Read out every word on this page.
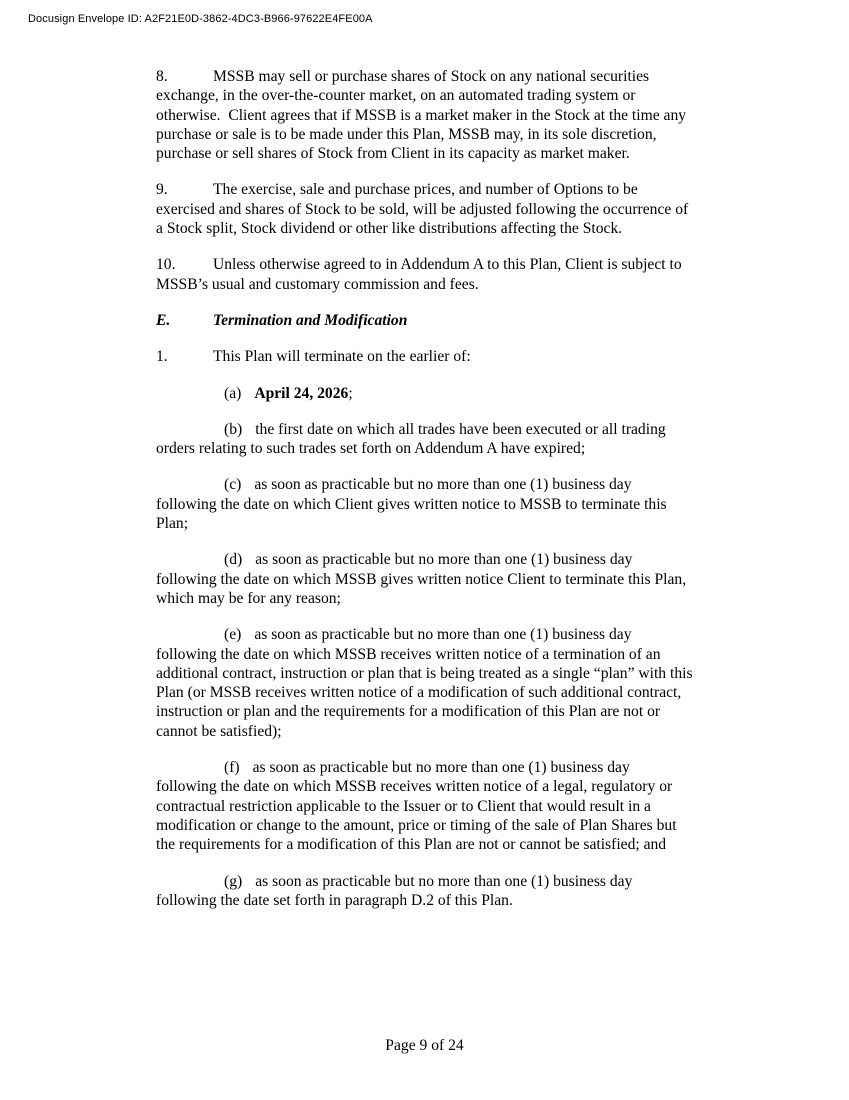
Docusign Envelope ID: A2F21E0D-3862-4DC3-B966-97622E4FE00A

8.	MSSB may sell or purchase shares of Stock on any national securities exchange, in the over-the-counter market, on an automated trading system or otherwise.  Client agrees that if MSSB is a market maker in the Stock at the time any purchase or sale is to be made under this Plan, MSSB may, in its sole discretion, purchase or sell shares of Stock from Client in its capacity as market maker.

9.	The exercise, sale and purchase prices, and number of Options to be exercised and shares of Stock to be sold, will be adjusted following the occurrence of a Stock split, Stock dividend or other like distributions affecting the Stock.

10. Unless otherwise agreed to in Addendum A to this Plan, Client is subject to MSSB’s usual and customary commission and fees.

E.	Termination and Modification

1.	This Plan will terminate on the earlier of:

(a) April 24, 2026;

(b) the first date on which all trades have been executed or all trading orders relating to such trades set forth on Addendum A have expired;

(c) as soon as practicable but no more than one (1) business day following the date on which Client gives written notice to MSSB to terminate this Plan;

(d) as soon as practicable but no more than one (1) business day following the date on which MSSB gives written notice Client to terminate this Plan, which may be for any reason;

(e) as soon as practicable but no more than one (1) business day following the date on which MSSB receives written notice of a termination of an additional contract, instruction or plan that is being treated as a single “plan” with this Plan (or MSSB receives written notice of a modification of such additional contract, instruction or plan and the requirements for a modification of this Plan are not or cannot be satisfied);

(f) as soon as practicable but no more than one (1) business day following the date on which MSSB receives written notice of a legal, regulatory or contractual restriction applicable to the Issuer or to Client that would result in a modification or change to the amount, price or timing of the sale of Plan Shares but the requirements for a modification of this Plan are not or cannot be satisfied; and

(g) as soon as practicable but no more than one (1) business day following the date set forth in paragraph D.2 of this Plan.

Page 9 of 24
